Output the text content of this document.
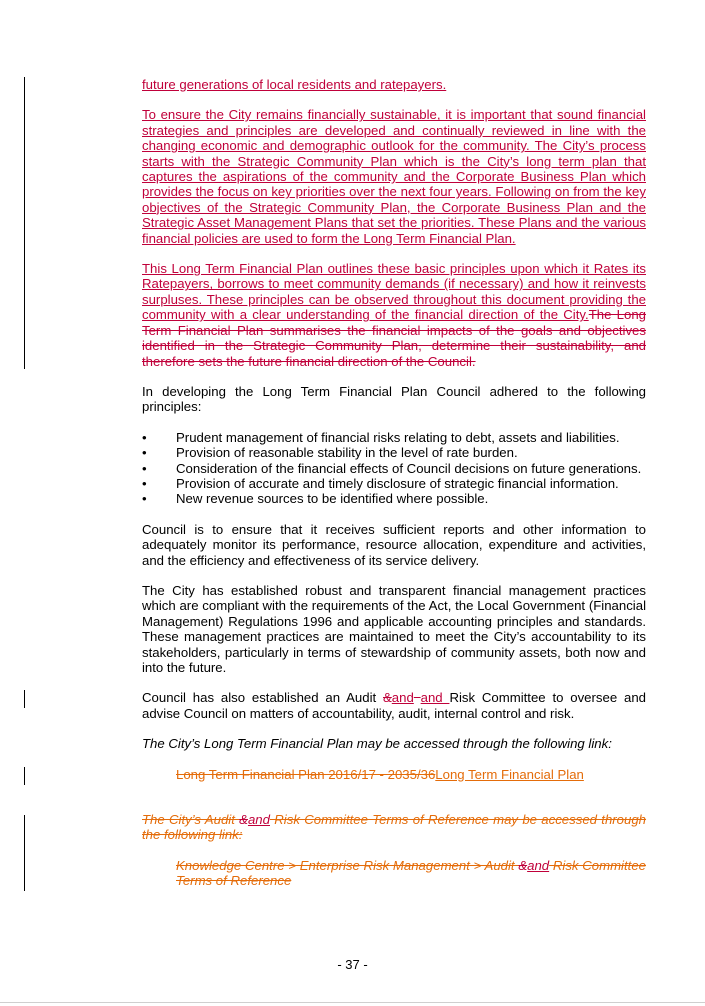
future generations of local residents and ratepayers.

To ensure the City remains financially sustainable, it is important that sound financial strategies and principles are developed and continually reviewed in line with the changing economic and demographic outlook for the community. The City’s process starts with the Strategic Community Plan which is the City’s long term plan that captures the aspirations of the community and the Corporate Business Plan which provides the focus on key priorities over the next four years. Following on from the key objectives of the Strategic Community Plan, the Corporate Business Plan and the Strategic Asset Management Plans that set the priorities. These Plans and the various financial policies are used to form the Long Term Financial Plan.

This Long Term Financial Plan outlines these basic principles upon which it Rates its Ratepayers, borrows to meet community demands (if necessary) and how it reinvests surpluses. These principles can be observed throughout this document providing the community with a clear understanding of the financial direction of the City.The Long Term Financial Plan summarises the financial impacts of the goals and objectives identified in the Strategic Community Plan, determine their sustainability, and therefore sets the future financial direction of the Council.

In developing the Long Term Financial Plan Council adhered to the following principles:

• Prudent management of financial risks relating to debt, assets and liabilities.
• Provision of reasonable stability in the level of rate burden.
• Consideration of the financial effects of Council decisions on future generations.
• Provision of accurate and timely disclosure of strategic financial information.
• New revenue sources to be identified where possible.

Council is to ensure that it receives sufficient reports and other information to adequately monitor its performance, resource allocation, expenditure and activities, and the efficiency and effectiveness of its service delivery.

The City has established robust and transparent financial management practices which are compliant with the requirements of the Act, the Local Government (Financial Management) Regulations 1996 and applicable accounting principles and standards. These management practices are maintained to meet the City’s accountability to its stakeholders, particularly in terms of stewardship of community assets, both now and into the future.

Council has also established an Audit &and and Risk Committee to oversee and advise Council on matters of accountability, audit, internal control and risk.

The City’s Long Term Financial Plan may be accessed through the following link:

Long Term Financial Plan 2016/17 - 2035/36Long Term Financial Plan

The City’s Audit &and Risk Committee Terms of Reference may be accessed through the following link:

Knowledge Centre > Enterprise Risk Management > Audit &and Risk Committee Terms of Reference

- 37 -
